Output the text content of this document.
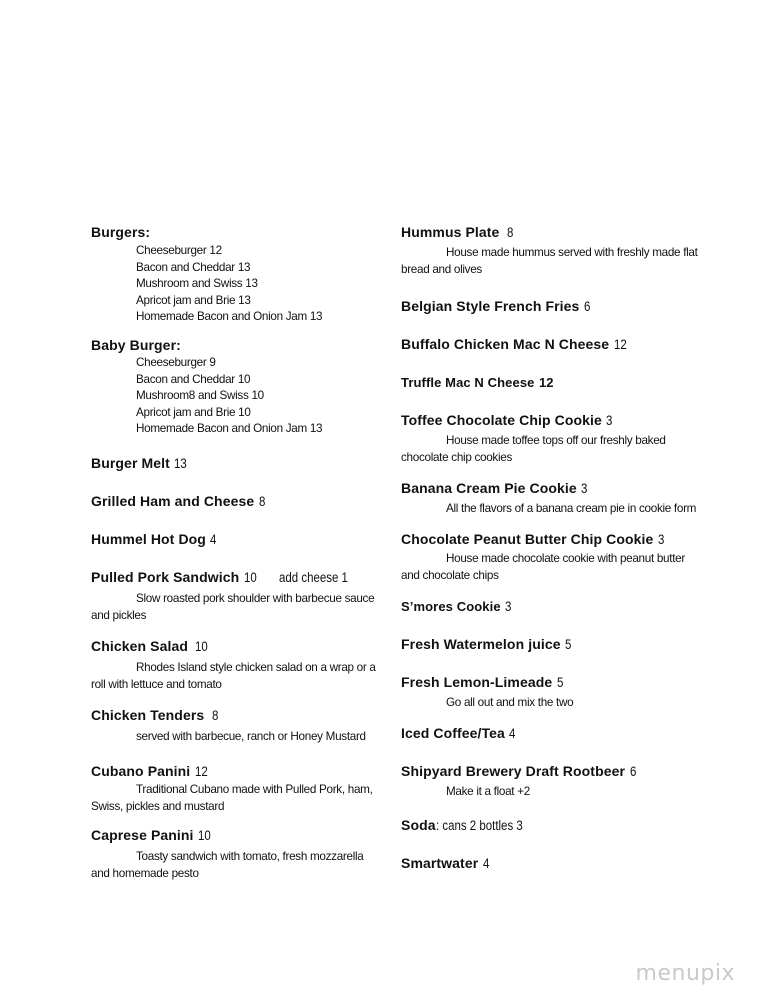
Burgers:
Cheeseburger 12
Bacon and Cheddar 13
Mushroom and Swiss 13
Apricot jam and Brie 13
Homemade Bacon and Onion Jam 13
Baby Burger:
Cheeseburger 9
Bacon and Cheddar 10
Mushroom8 and Swiss 10
Apricot jam and Brie 10
Homemade Bacon and Onion Jam 13
Burger Melt 13
Grilled Ham and Cheese 8
Hummel Hot Dog 4
Pulled Pork Sandwich 10 add cheese 1
Slow roasted pork shoulder with barbecue sauce and pickles
Chicken Salad 10
Rhodes Island style chicken salad on a wrap or a roll with lettuce and tomato
Chicken Tenders 8
served with barbecue, ranch or Honey Mustard
Cubano Panini 12
Traditional Cubano made with Pulled Pork, ham, Swiss, pickles and mustard
Caprese Panini 10
Toasty sandwich with tomato, fresh mozzarella and homemade pesto
Hummus Plate 8
House made hummus served with freshly made flat bread and olives
Belgian Style French Fries 6
Buffalo Chicken Mac N Cheese 12
Truffle Mac N Cheese 12
Toffee Chocolate Chip Cookie 3
House made toffee tops off our freshly baked chocolate chip cookies
Banana Cream Pie Cookie 3
All the flavors of a banana cream pie in cookie form
Chocolate Peanut Butter Chip Cookie 3
House made chocolate cookie with peanut butter and chocolate chips
S’mores Cookie 3
Fresh Watermelon juice 5
Fresh Lemon-Limeade 5
Go all out and mix the two
Iced Coffee/Tea 4
Shipyard Brewery Draft Rootbeer 6
Make it a float +2
Soda: cans 2 bottles 3
Smartwater 4
menupix
